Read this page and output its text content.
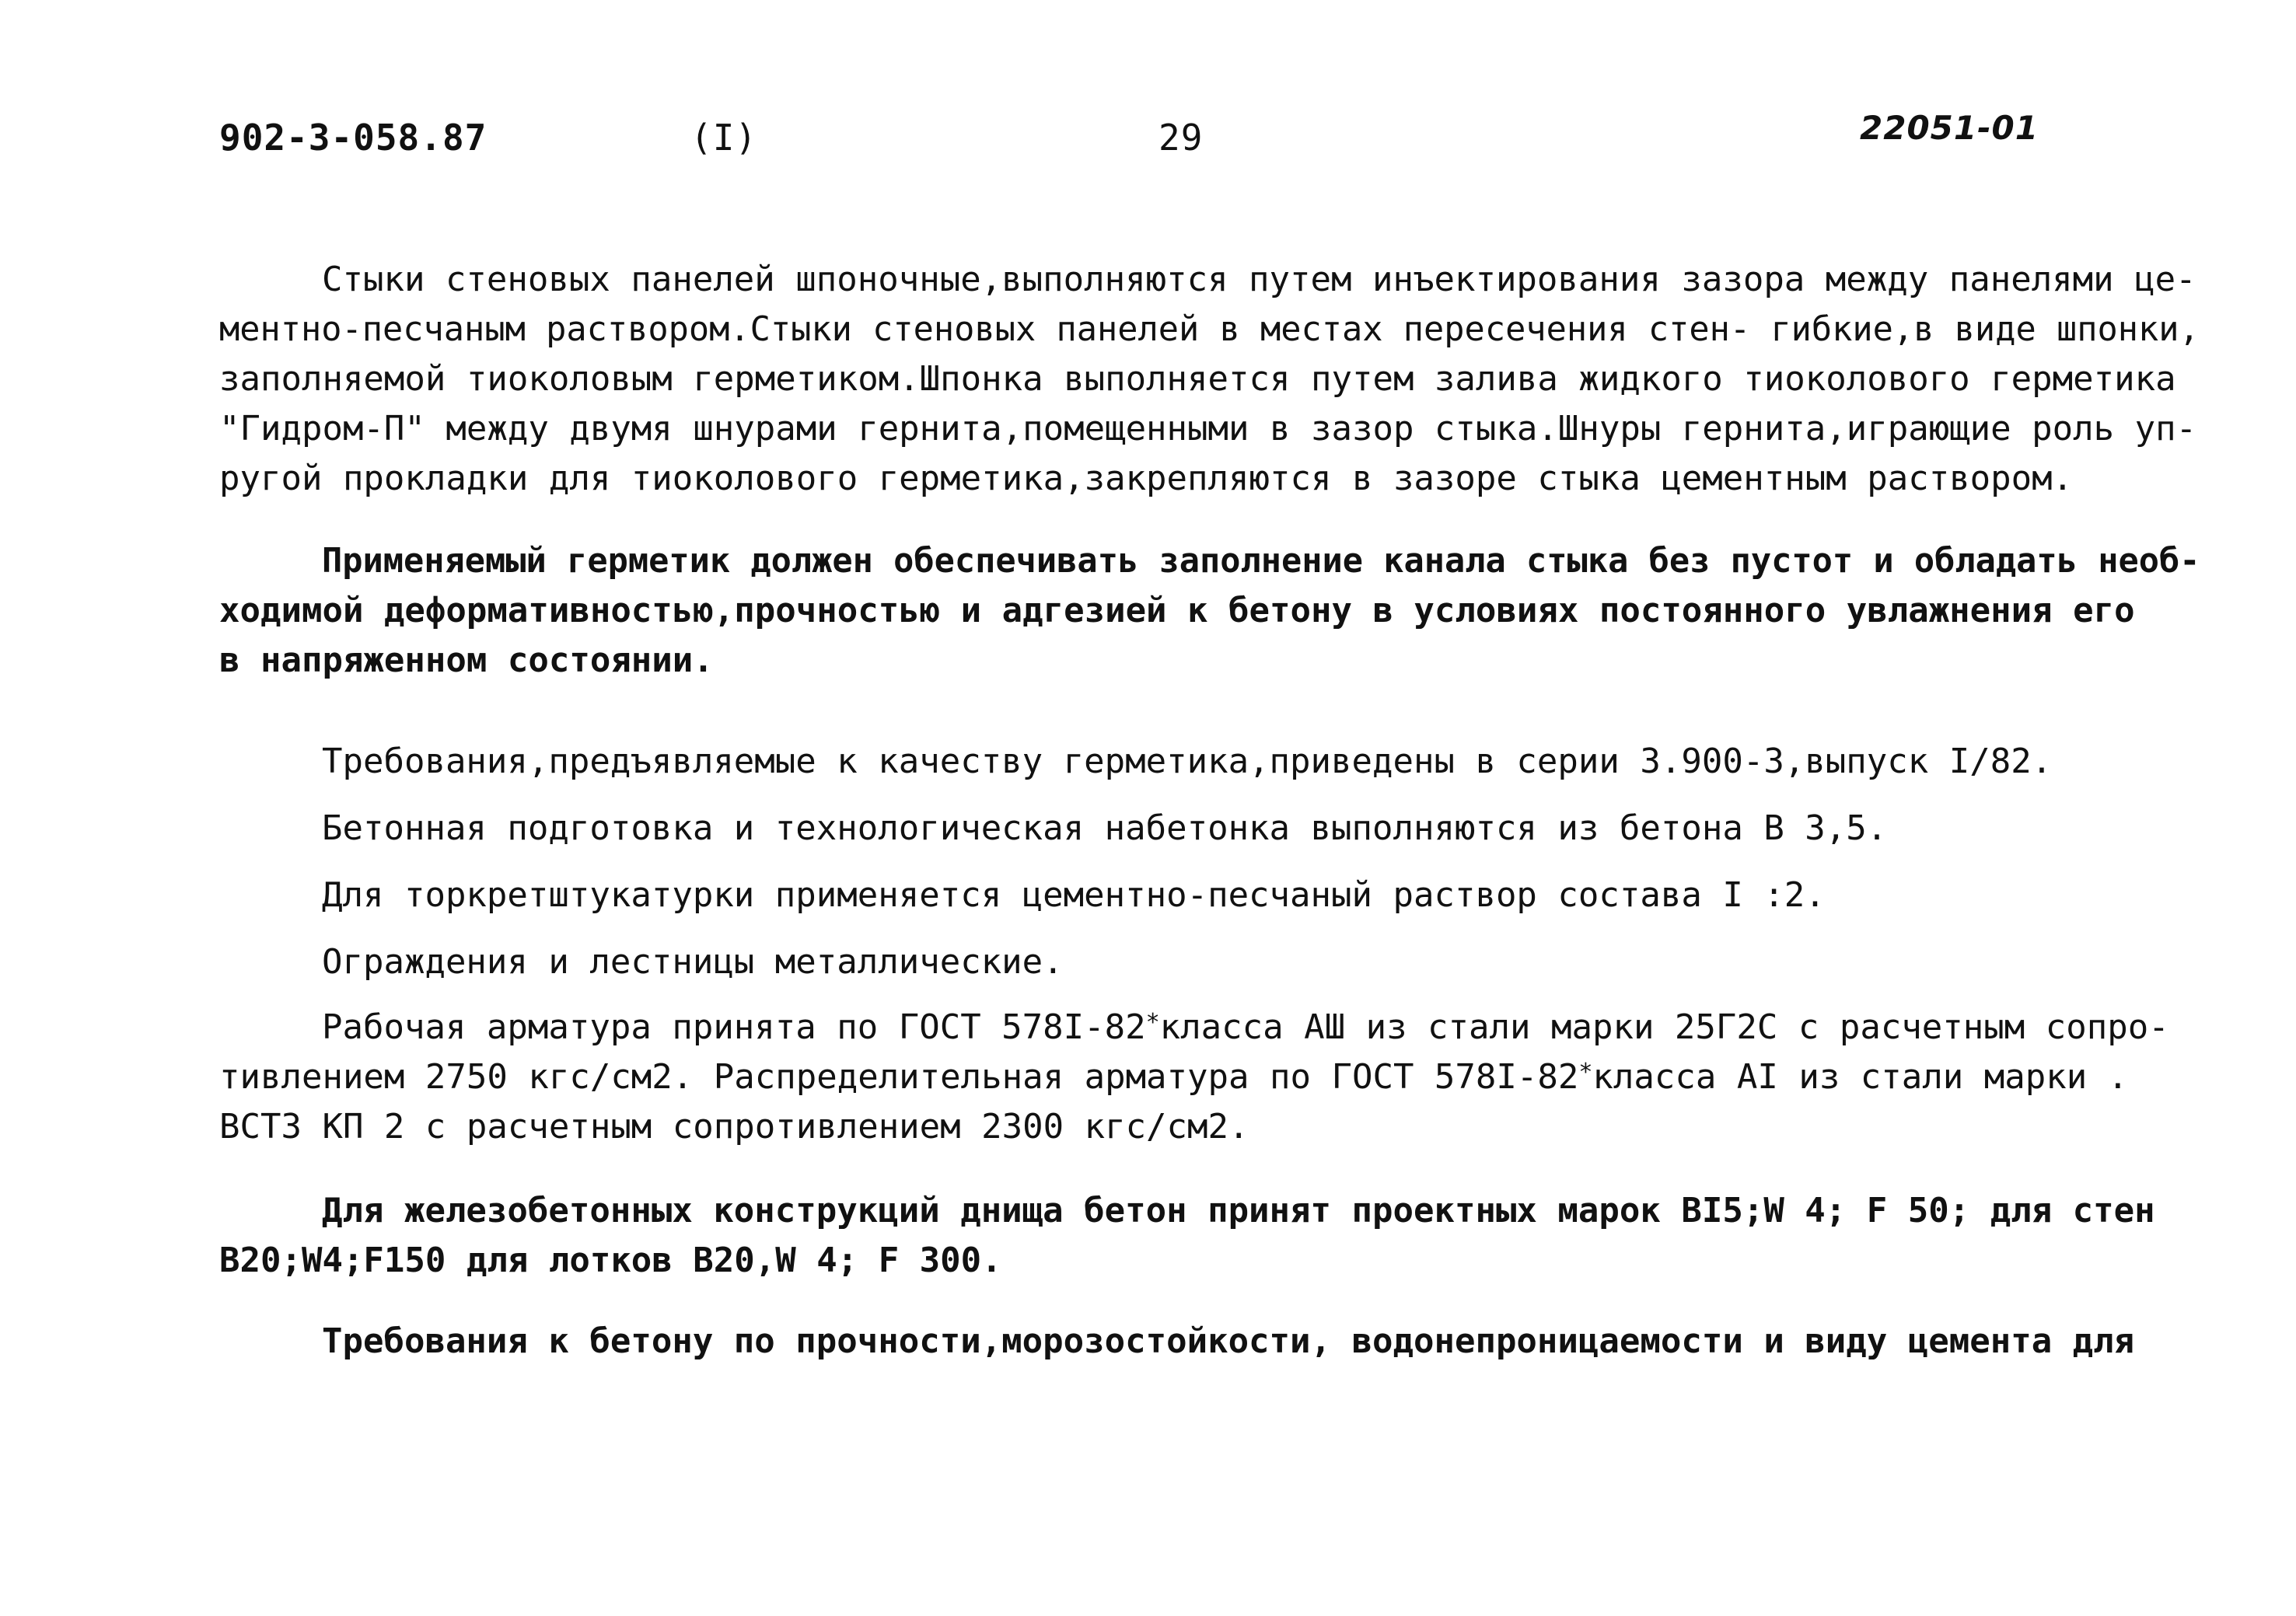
902-3-058.87	(I)	29	22051-01
Стыки стеновых панелей шпоночные,выполняются путем инъектирования зазора между панелями це-
ментно-песчаным раствором.Стыки стеновых панелей в местах пересечения стен- гибкие,в виде шпонки,
заполняемой тиоколовым герметиком.Шпонка выполняется путем залива жидкого тиоколового герметика
"Гидром-П" между двумя шнурами гернита,помещенными в зазор стыка.Шнуры гернита,играющие роль уп-
ругой прокладки для тиоколового герметика,закрепляются в зазоре стыка цементным раствором.
Применяемый герметик должен обеспечивать заполнение канала стыка без пустот и обладать необ-
ходимой деформативностью,прочностью и адгезией к бетону в условиях постоянного увлажнения его
в напряженном состоянии.
Требования,предъявляемые к качеству герметика,приведены в серии 3.900-3,выпуск I/82.
Бетонная подготовка и технологическая набетонка выполняются из бетона В 3,5.
Для торкретштукатурки применяется цементно-песчаный раствор состава I :2.
Ограждения и лестницы металлические.
Рабочая арматура принята по ГОСТ 578I-82*класса АШ из стали марки 25Г2С с расчетным сопро-
тивлением 2750 кгс/см2. Распределительная арматура по ГОСТ 578I-82*класса AI из стали марки .
ВСТ3 КП 2 с расчетным сопротивлением 2300 кгс/см2.
Для железобетонных конструкций днища бетон принят проектных марок BI5;W 4; F 50; для стен
B20;W4;F150 для лотков B20,W 4; F 300.
Требования к бетону по прочности,морозостойкости, водонепроницаемости и виду цемента для
